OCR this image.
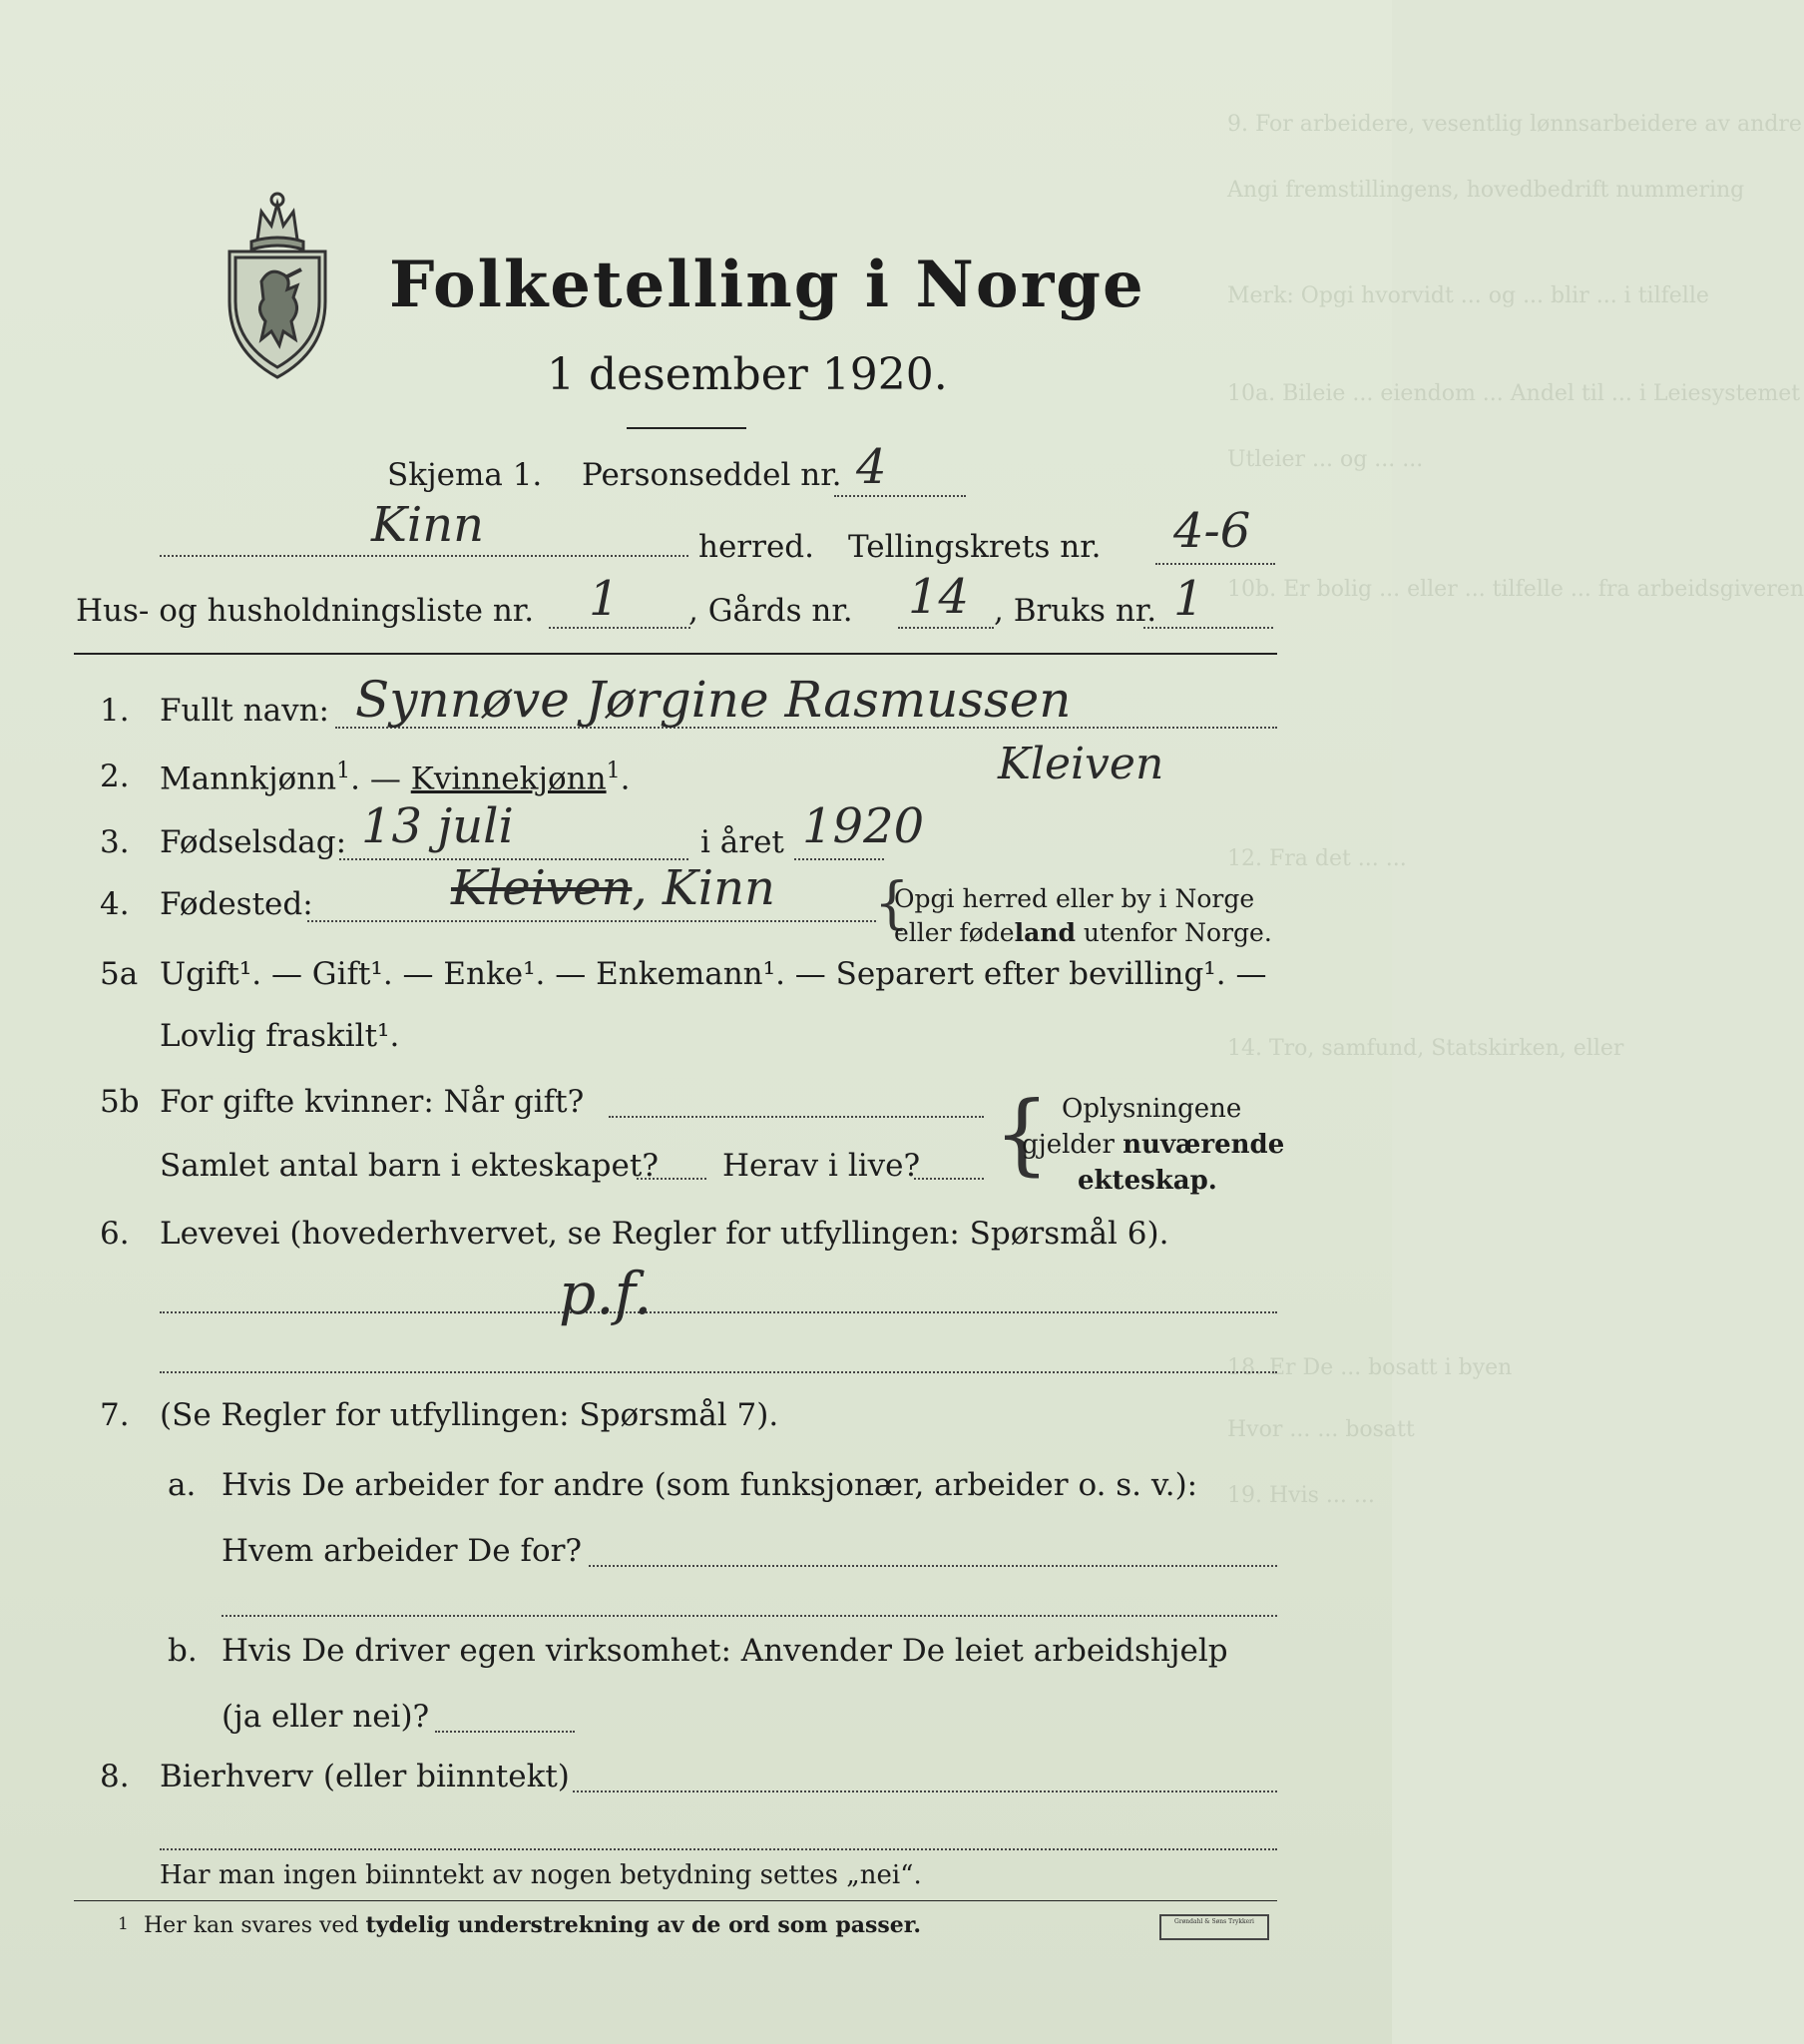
9. For arbeidere, vesentlig lønnsarbeidere av andre
Angi fremstillingens, hovedbedrift nummering
Merk: Opgi hvorvidt ... og ... blir ... i tilfelle
10a. Bileie ... eiendom ... Andel til ... i Leiesystemet
Utleier ... og ... ...
10b. Er bolig ... eller ... tilfelle ... fra arbeidsgiveren
12. Fra det ... ...
14. Tro, samfund, Statskirken, eller
18. Er De ... bosatt i byen
Hvor ... ... bosatt
19. Hvis ... ...
Folketelling i Norge
1 desember 1920.
Skjema 1. Personseddel nr. 4
Kinn	herred. Tellingskrets nr. 4-6
Hus- og husholdningsliste nr. 1 , Gårds nr. 14 , Bruks nr. 1
1. Fullt navn: Synnøve Jørgine Rasmussen
Kleiven
2. Mannkjønn$^1$. — Kvinnekjønn$^1$.
3. Fødselsdag: 13 juli	i året 1920
4. Fødested:	Kleiven, Kinn {
Opgi herred eller by i Norge
eller fødeland utenfor Norge.
5a Ugift¹. — Gift¹. — Enke¹. — Enkemann¹. — Separert efter bevilling¹. —
Lovlig fraskilt¹.
5b For gifte kvinner: Når gift?
Samlet antal barn i ekteskapet? Herav i live? { Oplysningene
gjelder nuværende
ekteskap.
6. Levevei (hovederhvervet, se Regler for utfyllingen: Spørsmål 6).
p.f.
7. (Se Regler for utfyllingen: Spørsmål 7).
a. Hvis De arbeider for andre (som funksjonær, arbeider o. s. v.):
Hvem arbeider De for?
b. Hvis De driver egen virksomhet: Anvender De leiet arbeidshjelp
(ja eller nei)?
8. Bierhverv (eller biinntekt)
Har man ingen biinntekt av nogen betydning settes „nei“.
1 Her kan svares ved tydelig understrekning av de ord som passer.	Grøndahl & Søns Trykkeri
